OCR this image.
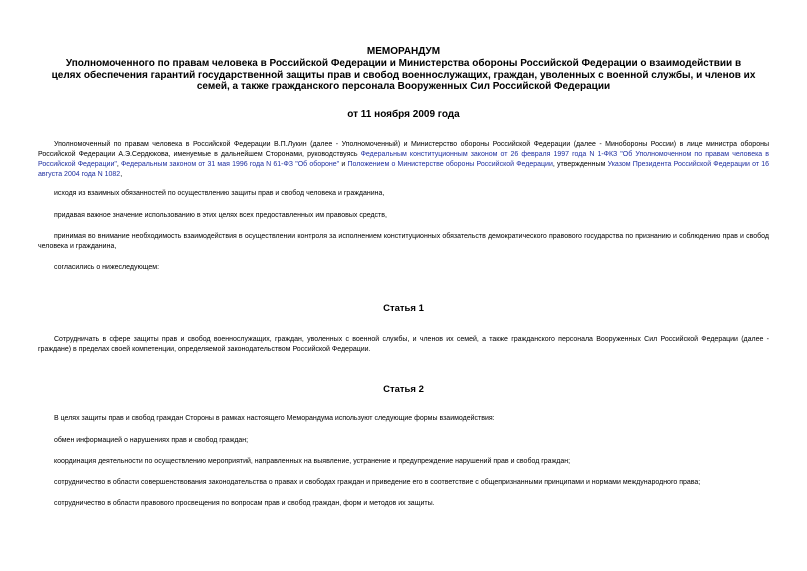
МЕМОРАНДУМ
Уполномоченного по правам человека в Российской Федерации и Министерства обороны Российской Федерации о взаимодействии в целях обеспечения гарантий государственной защиты прав и свобод военнослужащих, граждан, уволенных с военной службы, и членов их семей, а также гражданского персонала Вооруженных Сил Российской Федерации
от 11 ноября 2009 года

Уполномоченный по правам человека в Российской Федерации В.П.Лукин (далее - Уполномоченный) и Министерство обороны Российской Федерации (далее - Минобороны России) в лице министра обороны Российской Федерации А.Э.Сердюкова, именуемые в дальнейшем Сторонами, руководствуясь Федеральным конституционным законом от 26 февраля 1997 года N 1-ФКЗ "Об Уполномоченном по правам человека в Российской Федерации", Федеральным законом от 31 мая 1996 года N 61-ФЗ "Об обороне" и Положением о Министерстве обороны Российской Федерации, утвержденным Указом Президента Российской Федерации от 16 августа 2004 года N 1082,

исходя из взаимных обязанностей по осуществлению защиты прав и свобод человека и гражданина,

придавая важное значение использованию в этих целях всех предоставленных им правовых средств,

принимая во внимание необходимость взаимодействия в осуществлении контроля за исполнением конституционных обязательств демократического правового государства по признанию и соблюдению прав и свобод человека и гражданина,

согласились о нижеследующем:

Статья 1

Сотрудничать в сфере защиты прав и свобод военнослужащих, граждан, уволенных с военной службы, и членов их семей, а также гражданского персонала Вооруженных Сил Российской Федерации (далее - граждане) в пределах своей компетенции, определяемой законодательством Российской Федерации.

Статья 2

В целях защиты прав и свобод граждан Стороны в рамках настоящего Меморандума используют следующие формы взаимодействия:

обмен информацией о нарушениях прав и свобод граждан;

координация деятельности по осуществлению мероприятий, направленных на выявление, устранение и предупреждение нарушений прав и свобод граждан;

сотрудничество в области совершенствования законодательства о правах и свободах граждан и приведение его в соответствие с общепризнанными принципами и нормами международного права;

сотрудничество в области правового просвещения по вопросам прав и свобод граждан, форм и методов их защиты.
